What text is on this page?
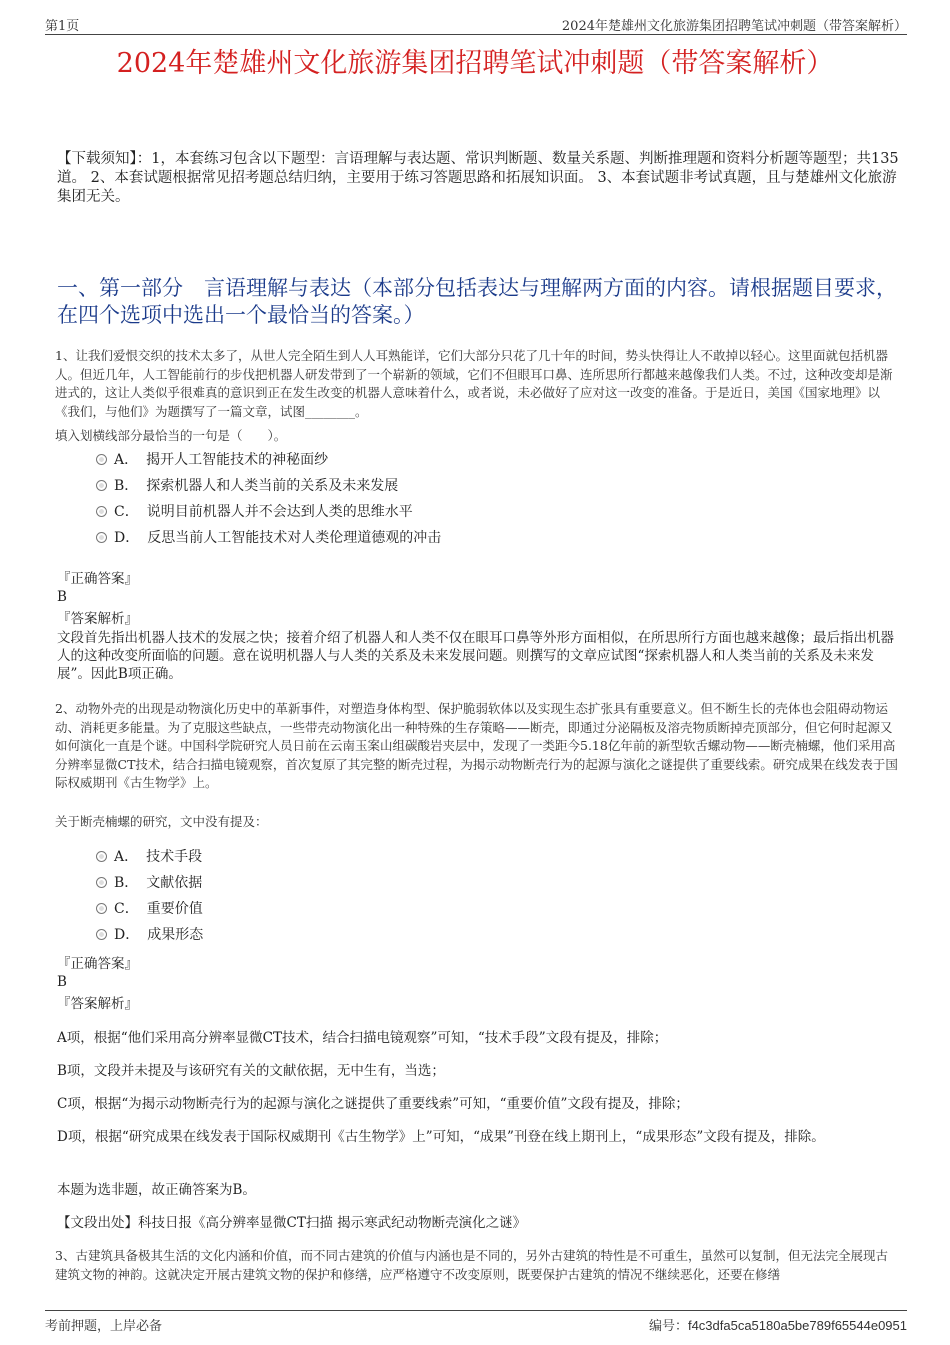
第1页	2024年楚雄州文化旅游集团招聘笔试冲刺题（带答案解析）
2024年楚雄州文化旅游集团招聘笔试冲刺题（带答案解析）
【下载须知】：1，本套练习包含以下题型：言语理解与表达题、常识判断题、数量关系题、判断推理题和资料分析题等题型；共135道。 2、本套试题根据常见招考题总结归纳，主要用于练习答题思路和拓展知识面。 3、本套试题非考试真题，且与楚雄州文化旅游集团无关。
一、第一部分　言语理解与表达（本部分包括表达与理解两方面的内容。请根据题目要求，在四个选项中选出一个最恰当的答案。）
1、让我们爱恨交织的技术太多了，从世人完全陌生到人人耳熟能详，它们大部分只花了几十年的时间，势头快得让人不敢掉以轻心。这里面就包括机器人。但近几年，人工智能前行的步伐把机器人研发带到了一个崭新的领域，它们不但眼耳口鼻、连所思所行都越来越像我们人类。不过，这种改变却是渐进式的，这让人类似乎很难真的意识到正在发生改变的机器人意味着什么，或者说，未必做好了应对这一改变的准备。于是近日，美国《国家地理》以《我们，与他们》为题撰写了一篇文章，试图________。
填入划横线部分最恰当的一句是（　　）。
A． 揭开人工智能技术的神秘面纱
B． 探索机器人和人类当前的关系及未来发展
C． 说明目前机器人并不会达到人类的思维水平
D． 反思当前人工智能技术对人类伦理道德观的冲击
『正确答案』
B
『答案解析』
文段首先指出机器人技术的发展之快；接着介绍了机器人和人类不仅在眼耳口鼻等外形方面相似，在所思所行方面也越来越像；最后指出机器人的这种改变所面临的问题。意在说明机器人与人类的关系及未来发展问题。则撰写的文章应试图“探索机器人和人类当前的关系及未来发展”。因此B项正确。
2、动物外壳的出现是动物演化历史中的革新事件，对塑造身体构型、保护脆弱软体以及实现生态扩张具有重要意义。但不断生长的壳体也会阻碍动物运动、消耗更多能量。为了克服这些缺点，一些带壳动物演化出一种特殊的生存策略——断壳，即通过分泌隔板及溶壳物质断掉壳顶部分，但它何时起源又如何演化一直是个谜。中国科学院研究人员日前在云南玉案山组碳酸岩夹层中，发现了一类距今5.18亿年前的新型软舌螺动物——断壳楠螺，他们采用高分辨率显微CT技术，结合扫描电镜观察，首次复原了其完整的断壳过程，为揭示动物断壳行为的起源与演化之谜提供了重要线索。研究成果在线发表于国际权威期刊《古生物学》上。
关于断壳楠螺的研究，文中没有提及：
A． 技术手段
B． 文献依据
C． 重要价值
D． 成果形态
『正确答案』
B
『答案解析』
A项，根据“他们采用高分辨率显微CT技术，结合扫描电镜观察”可知，“技术手段”文段有提及，排除；
B项，文段并未提及与该研究有关的文献依据，无中生有，当选；
C项，根据“为揭示动物断壳行为的起源与演化之谜提供了重要线索”可知，“重要价值”文段有提及，排除；
D项，根据“研究成果在线发表于国际权威期刊《古生物学》上”可知，“成果”刊登在线上期刊上，“成果形态”文段有提及，排除。
本题为选非题，故正确答案为B。
【文段出处】科技日报《高分辨率显微CT扫描 揭示寒武纪动物断壳演化之谜》
3、古建筑具备极其生活的文化内涵和价值，而不同古建筑的价值与内涵也是不同的，另外古建筑的特性是不可重生，虽然可以复制，但无法完全展现古建筑文物的神韵。这就决定开展古建筑文物的保护和修缮，应严格遵守不改变原则，既要保护古建筑的情况不继续恶化，还要在修缮
考前押题，上岸必备	编号：f4c3dfa5ca5180a5be789f65544e0951
